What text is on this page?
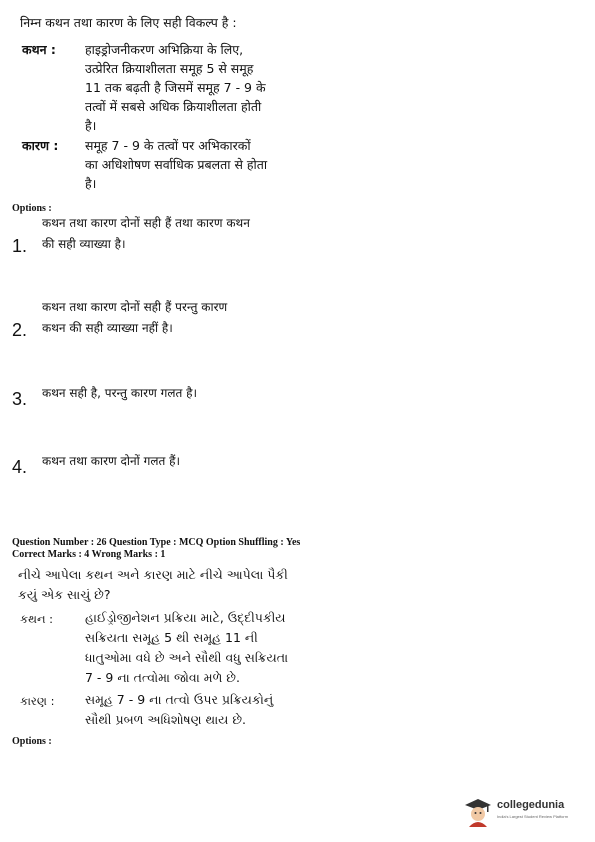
निम्न कथन तथा कारण के लिए सही विकल्प है :
कथन : हाइड्रोजनीकरण अभिक्रिया के लिए,
उत्प्रेरित क्रियाशीलता समूह 5 से समूह
11 तक बढ़ती है जिसमें समूह 7 - 9 के
तत्वों में सबसे अधिक क्रियाशीलता होती
है।
कारण : समूह 7 - 9 के तत्वों पर अभिकारकों
का अधिशोषण सर्वाधिक प्रबलता से होता
है।
Options :
1.
कथन तथा कारण दोनों सही हैं तथा कारण कथन
की सही व्याख्या है।
2.
कथन तथा कारण दोनों सही हैं परन्तु कारण
कथन की सही व्याख्या नहीं है।
3. कथन सही है, परन्तु कारण गलत है।
4. कथन तथा कारण दोनों गलत हैं।
Question Number : 26 Question Type : MCQ Option Shuffling : Yes
Correct Marks : 4 Wrong Marks : 1
નીચે આપેલા કથન અને કારણ માટે નીચે આપેલા પૈકી
કયું એક સાચું છે?
કથન :	હાઈડ્રોજીનેશન પ્રક્રિયા માટે, ઉદ્દીપકીય
સક્રિયતા સમૂહ 5 થી સમૂહ 11 ની
ધાતુઓમા વધે છે અને સૌથી વધુ સક્રિયતા
7 - 9 ના તત્વોમા જોવા મળે છે.
કારણ : સમૂહ 7 - 9 ના તત્વો ઉપર પ્રક્રિયકોનું
સૌથી પ્રબળ અધિશોષણ થાય છે.
Options :
collegedunia
India's Largest Student Review Platform
